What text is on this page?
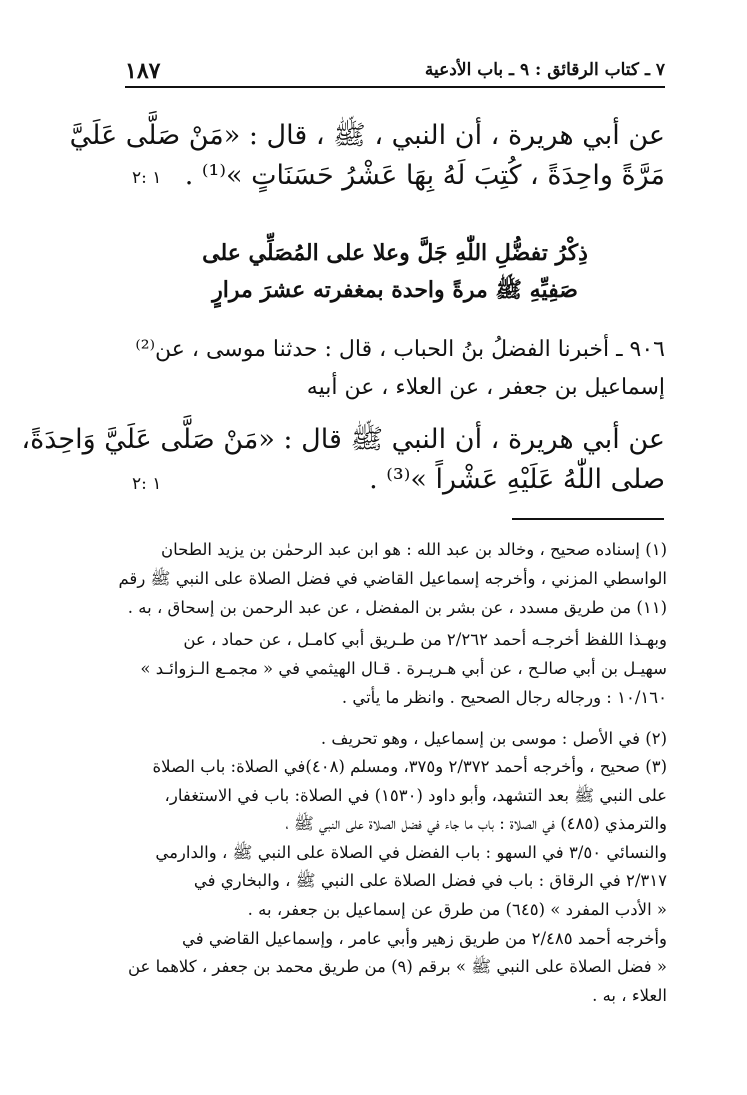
١٨٧	٧ ـ كتاب الرقائق : ٩ ـ باب الأدعية
عن أبي هريرة ، أن النبي ، ﷺ ، قال : «مَنْ صَلَّى عَلَيَّ
مَرَّةً واحِدَةً ، كُتِبَ لَهُ بِهَا عَشْرُ حَسَنَاتٍ »⁽¹⁾ .
١ :٢
ذِكْرُ تفضُّلِ اللّٰهِ جَلَّ وعلا على المُصَلِّي على
صَفِيِّهِ ﷺ مرةً واحدة بمغفرته عشرَ مرارٍ
٩٠٦ ـ أخبرنا الفضلُ بنُ الحباب ، قال : حدثنا موسى ، عن⁽²⁾
إسماعيل بن جعفر ، عن العلاء ، عن أبيه
عن أبي هريرة ، أن النبي ﷺ قال : «مَنْ صَلَّى عَلَيَّ وَاحِدَةً،
صلى اللّٰهُ عَلَيْهِ عَشْراً »⁽³⁾ .
١ :٢
(١) إسناده صحيح ، وخالد بن عبد الله : هو ابن عبد الرحمٰن بن يزيد الطحان
الواسطي المزني ، وأخرجه إسماعيل القاضي في فضل الصلاة على النبي ﷺ رقم
(١١) من طريق مسدد ، عن بشر بن المفضل ، عن عبد الرحمن بن إسحاق ، به .
وبهـذا اللفظ أخرجـه أحمد ٢/٢٦٢ من طـريق أبي كامـل ، عن حماد ، عن
سهيـل بن أبي صالـح ، عن أبي هـريـرة . قـال الهيثمي في « مجمـع الـزوائـد »
١٠/١٦٠ : ورجاله رجال الصحيح . وانظر ما يأتي .
(٢) في الأصل : موسى بن إسماعيل ، وهو تحريف .
(٣) صحيح ، وأخرجه أحمد ٢/٣٧٢ و٣٧٥، ومسلم (٤٠٨)في الصلاة: باب الصلاة
على النبي ﷺ بعد التشهد، وأبو داود (١٥٣٠) في الصلاة: باب في الاستغفار،
والترمذي (٤٨٥) في الصلاة : باب ما جاء في فضل الصلاة على النبي ﷺ ،
والنسائي ٣/٥٠ في السهو : باب الفضل في الصلاة على النبي ﷺ ، والدارمي
٢/٣١٧ في الرقاق : باب في فضل الصلاة على النبي ﷺ ، والبخاري في
« الأدب المفرد » (٦٤٥) من طرق عن إسماعيل بن جعفر، به .
وأخرجه أحمد ٢/٤٨٥ من طريق زهير وأبي عامر ، وإسماعيل القاضي في
« فضل الصلاة على النبي ﷺ » برقم (٩) من طريق محمد بن جعفر ، كلاهما عن
العلاء ، به .
